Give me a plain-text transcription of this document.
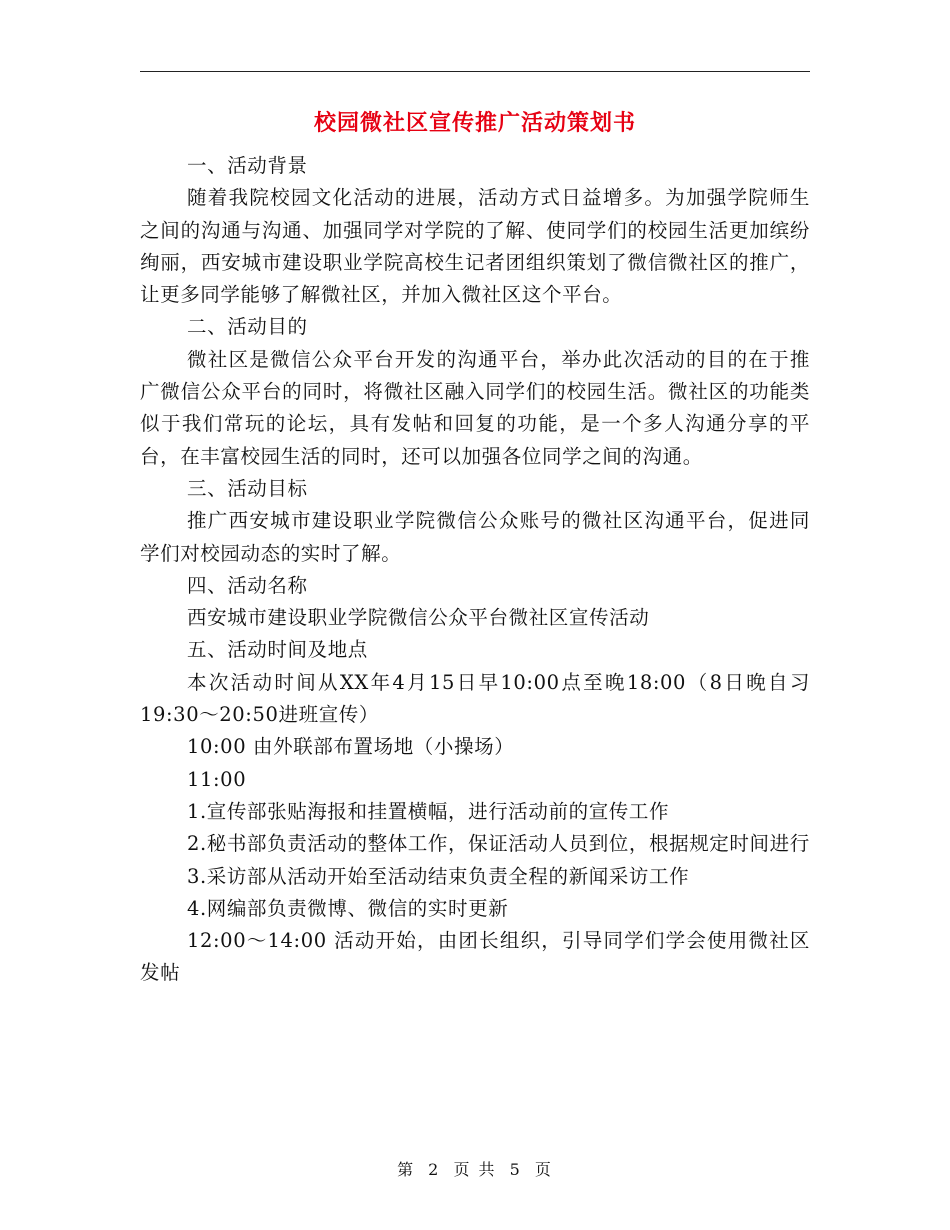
校园微社区宣传推广活动策划书

一、活动背景

随着我院校园文化活动的进展，活动方式日益增多。为加强学院师生之间的沟通与沟通、加强同学对学院的了解、使同学们的校园生活更加缤纷绚丽，西安城市建设职业学院高校生记者团组织策划了微信微社区的推广，让更多同学能够了解微社区，并加入微社区这个平台。

二、活动目的

微社区是微信公众平台开发的沟通平台，举办此次活动的目的在于推广微信公众平台的同时，将微社区融入同学们的校园生活。微社区的功能类似于我们常玩的论坛，具有发帖和回复的功能，是一个多人沟通分享的平台，在丰富校园生活的同时，还可以加强各位同学之间的沟通。

三、活动目标

推广西安城市建设职业学院微信公众账号的微社区沟通平台，促进同学们对校园动态的实时了解。

四、活动名称

西安城市建设职业学院微信公众平台微社区宣传活动

五、活动时间及地点

本次活动时间从XX年4月15日早10:00点至晚18:00（8日晚自习19:30～20:50进班宣传）

10:00 由外联部布置场地（小操场）

11:00

1.宣传部张贴海报和挂置横幅，进行活动前的宣传工作

2.秘书部负责活动的整体工作，保证活动人员到位，根据规定时间进行

3.采访部从活动开始至活动结束负责全程的新闻采访工作

4.网编部负责微博、微信的实时更新

12:00～14:00 活动开始，由团长组织，引导同学们学会使用微社区发帖

第 2 页 共 5 页
